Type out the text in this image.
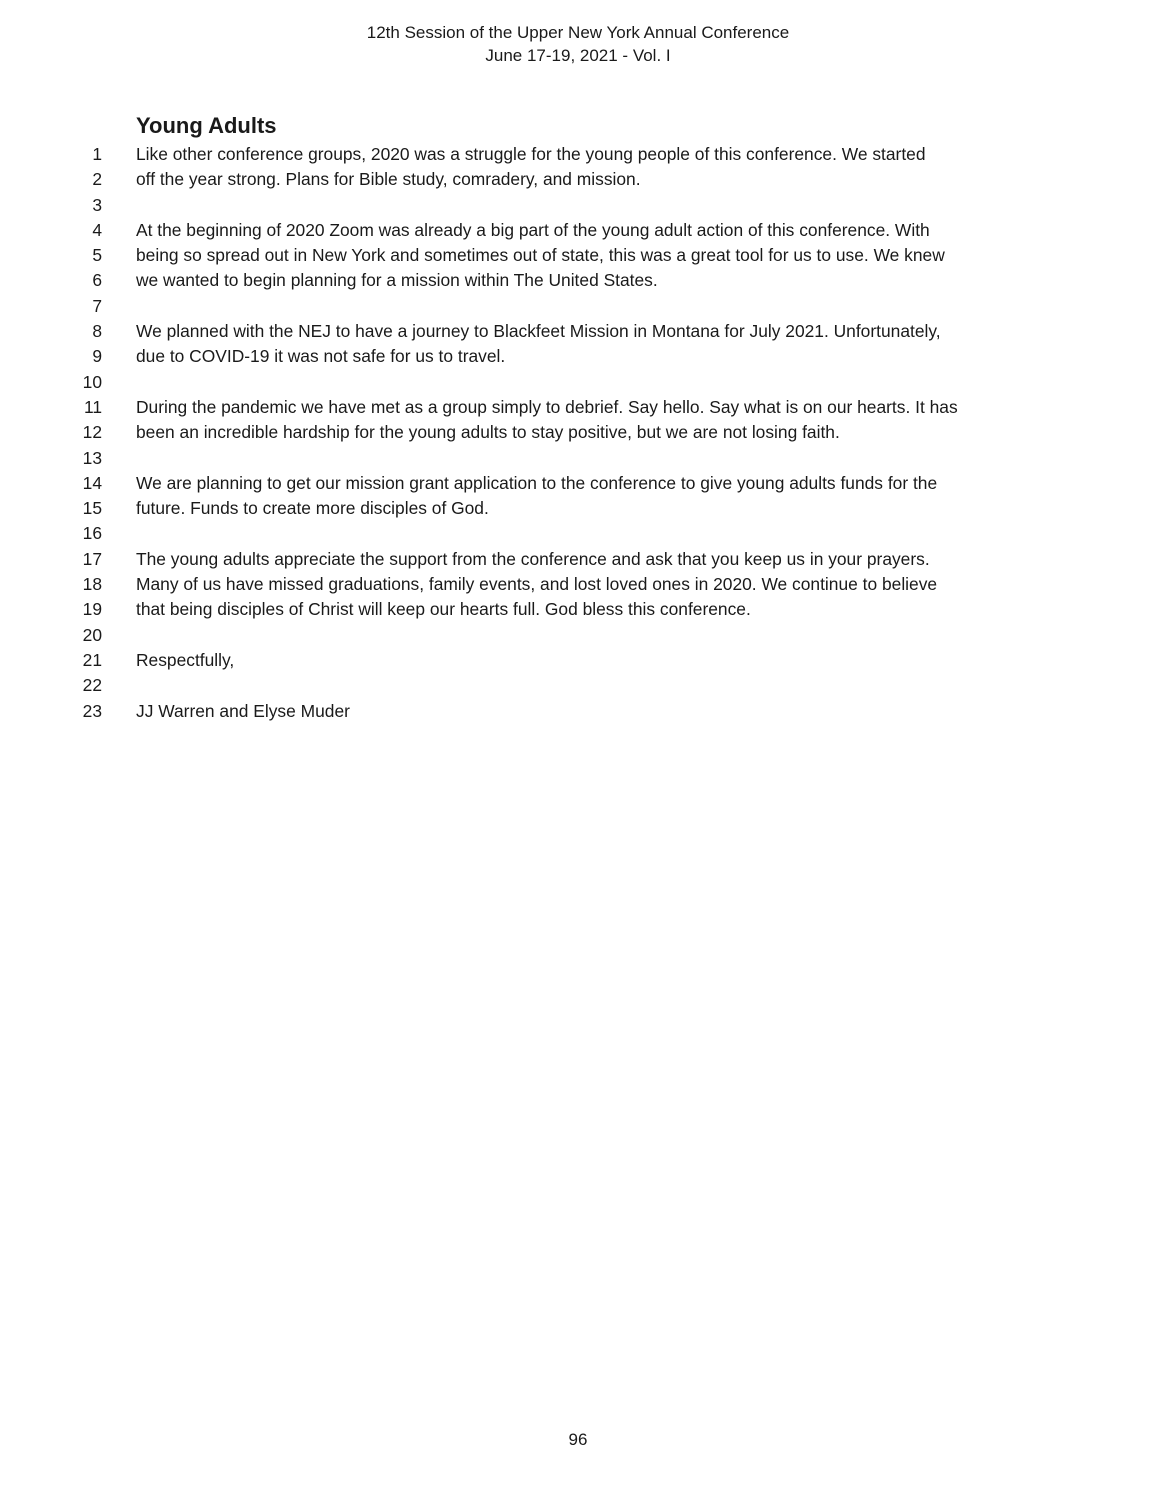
12th Session of the Upper New York Annual Conference
June 17-19, 2021 - Vol. I
Young Adults
1 Like other conference groups, 2020 was a struggle for the young people of this conference. We started
2 off the year strong. Plans for Bible study, comradery, and mission.
3
4 At the beginning of 2020 Zoom was already a big part of the young adult action of this conference. With
5 being so spread out in New York and sometimes out of state, this was a great tool for us to use. We knew
6 we wanted to begin planning for a mission within The United States.
7
8 We planned with the NEJ to have a journey to Blackfeet Mission in Montana for July 2021. Unfortunately,
9 due to COVID-19 it was not safe for us to travel.
10
11 During the pandemic we have met as a group simply to debrief. Say hello. Say what is on our hearts. It has
12 been an incredible hardship for the young adults to stay positive, but we are not losing faith.
13
14 We are planning to get our mission grant application to the conference to give young adults funds for the
15 future. Funds to create more disciples of God.
16
17 The young adults appreciate the support from the conference and ask that you keep us in your prayers.
18 Many of us have missed graduations, family events, and lost loved ones in 2020. We continue to believe
19 that being disciples of Christ will keep our hearts full. God bless this conference.
20
21 Respectfully,
22
23 JJ Warren and Elyse Muder
96
